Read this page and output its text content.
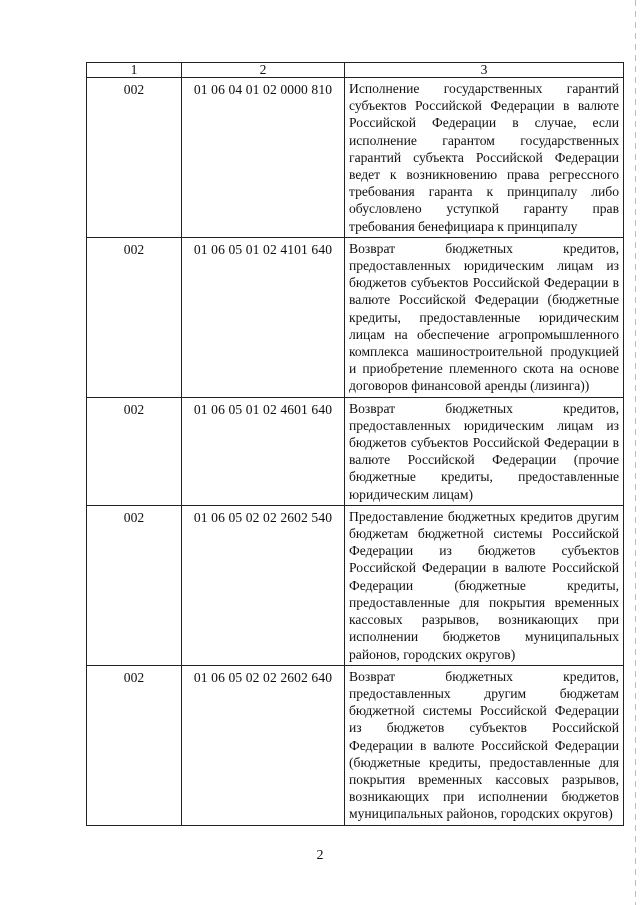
1	2	3
002	01 06 04 01 02 0000 810	Исполнение государственных гарантий субъектов Российской Федерации в валюте Российской Федерации в случае, если исполнение гарантом государственных гарантий субъекта Российской Федерации ведет к возникновению права регрессного требования гаранта к принципалу либо обусловлено уступкой гаранту прав требования бенефициара к принципалу
002	01 06 05 01 02 4101 640	Возврат бюджетных кредитов, предоставленных юридическим лицам из бюджетов субъектов Российской Федерации в валюте Российской Федерации (бюджетные кредиты, предоставленные юридическим лицам на обеспечение агропромышленного комплекса машиностроительной продукцией и приобретение племенного скота на основе договоров финансовой аренды (лизинга))
002	01 06 05 01 02 4601 640	Возврат бюджетных кредитов, предоставленных юридическим лицам из бюджетов субъектов Российской Федерации в валюте Российской Федерации (прочие бюджетные кредиты, предоставленные юридическим лицам)
002	01 06 05 02 02 2602 540	Предоставление бюджетных кредитов другим бюджетам бюджетной системы Российской Федерации из бюджетов субъектов Российской Федерации в валюте Российской Федерации (бюджетные кредиты, предоставленные для покрытия временных кассовых разрывов, возникающих при исполнении бюджетов муниципальных районов, городских округов)
002	01 06 05 02 02 2602 640	Возврат бюджетных кредитов, предоставленных другим бюджетам бюджетной системы Российской Федерации из бюджетов субъектов Российской Федерации в валюте Российской Федерации (бюджетные кредиты, предоставленные для покрытия временных кассовых разрывов, возникающих при исполнении бюджетов муниципальных районов, городских округов)
2
